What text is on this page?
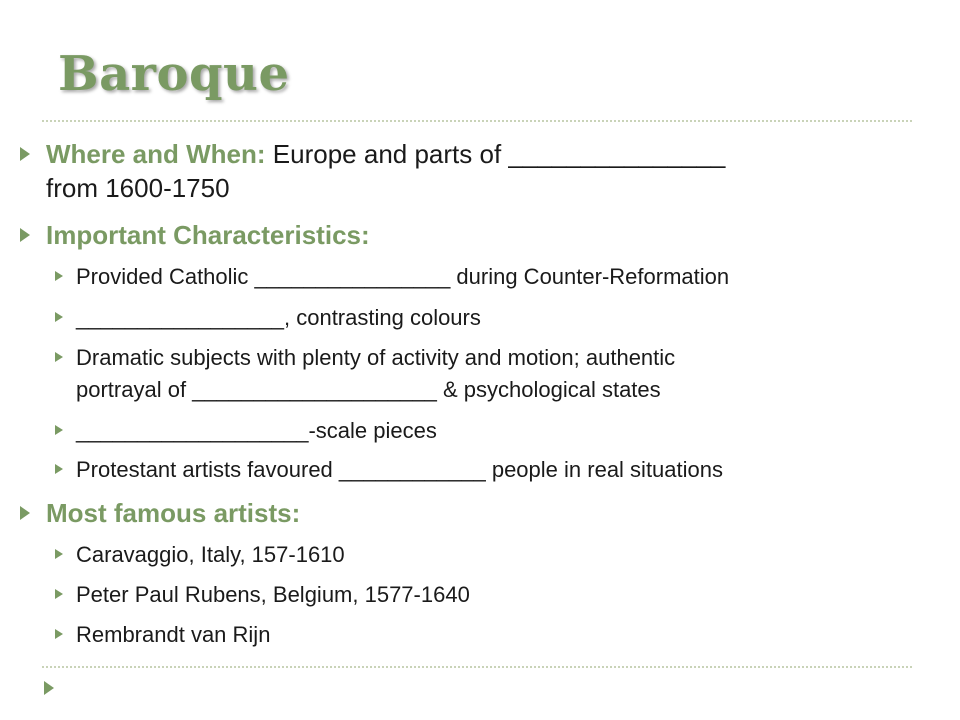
Baroque
Where and When: Europe and parts of _______________
from 1600-1750
Important Characteristics:
Provided Catholic ________________ during Counter-Reformation
_________________, contrasting colours
Dramatic subjects with plenty of activity and motion; authentic
portrayal of ____________________ & psychological states
___________________-scale pieces
Protestant artists favoured ____________ people in real situations
Most famous artists:
Caravaggio, Italy, 157-1610
Peter Paul Rubens, Belgium, 1577-1640
Rembrandt van Rijn
